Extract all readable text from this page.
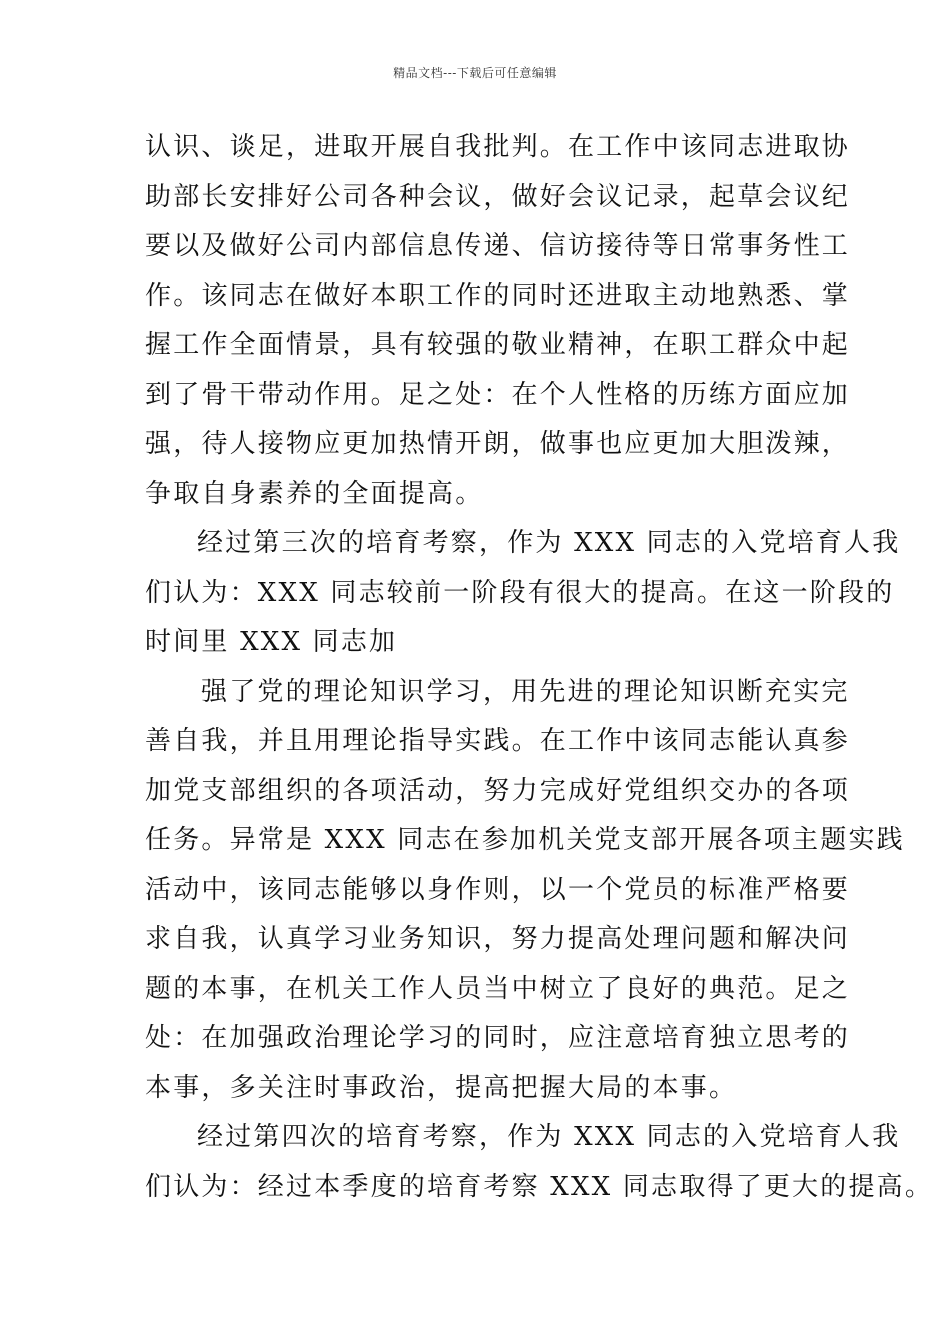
精品文档---下载后可任意编辑
认识、谈足，进取开展自我批判。在工作中该同志进取协
助部长安排好公司各种会议，做好会议记录，起草会议纪
要以及做好公司内部信息传递、信访接待等日常事务性工
作。该同志在做好本职工作的同时还进取主动地熟悉、掌
握工作全面情景，具有较强的敬业精神，在职工群众中起
到了骨干带动作用。足之处：在个人性格的历练方面应加
强，待人接物应更加热情开朗，做事也应更加大胆泼辣，
争取自身素养的全面提高。
经过第三次的培育考察，作为 XXX 同志的入党培育人我
们认为：XXX 同志较前一阶段有很大的提高。在这一阶段的
时间里 XXX 同志加
强了党的理论知识学习，用先进的理论知识断充实完
善自我，并且用理论指导实践。在工作中该同志能认真参
加党支部组织的各项活动，努力完成好党组织交办的各项
任务。异常是 XXX 同志在参加机关党支部开展各项主题实践
活动中，该同志能够以身作则，以一个党员的标准严格要
求自我，认真学习业务知识，努力提高处理问题和解决问
题的本事，在机关工作人员当中树立了良好的典范。足之
处：在加强政治理论学习的同时，应注意培育独立思考的
本事，多关注时事政治，提高把握大局的本事。
经过第四次的培育考察，作为 XXX 同志的入党培育人我
们认为：经过本季度的培育考察 XXX 同志取得了更大的提高。
